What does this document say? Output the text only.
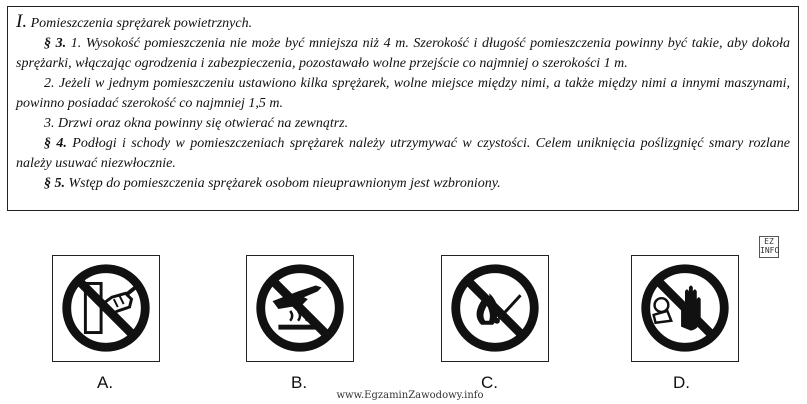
I. Pomieszczenia sprężarek powietrznych.

§ 3. 1. Wysokość pomieszczenia nie może być mniejsza niż 4 m. Szerokość i długość pomieszczenia powinny być takie, aby dokoła sprężarki, włączając ogrodzenia i zabezpieczenia, pozostawało wolne przejście co najmniej o szerokości 1 m.

2. Jeżeli w jednym pomieszczeniu ustawiono kilka sprężarek, wolne miejsce między nimi, a także między nimi a innymi maszynami, powinno posiadać szerokość co najmniej 1,5 m.

3. Drzwi oraz okna powinny się otwierać na zewnątrz.

§ 4. Podłogi i schody w pomieszczeniach sprężarek należy utrzymywać w czystości. Celem uniknięcia poślizgnięć smary rozlane należy usuwać niezwłocznie.

§ 5. Wstęp do pomieszczenia sprężarek osobom nieuprawnionym jest wzbroniony.

EZ
INFO
A.	B.	C.	D.
www.EgzaminZawodowy.info
